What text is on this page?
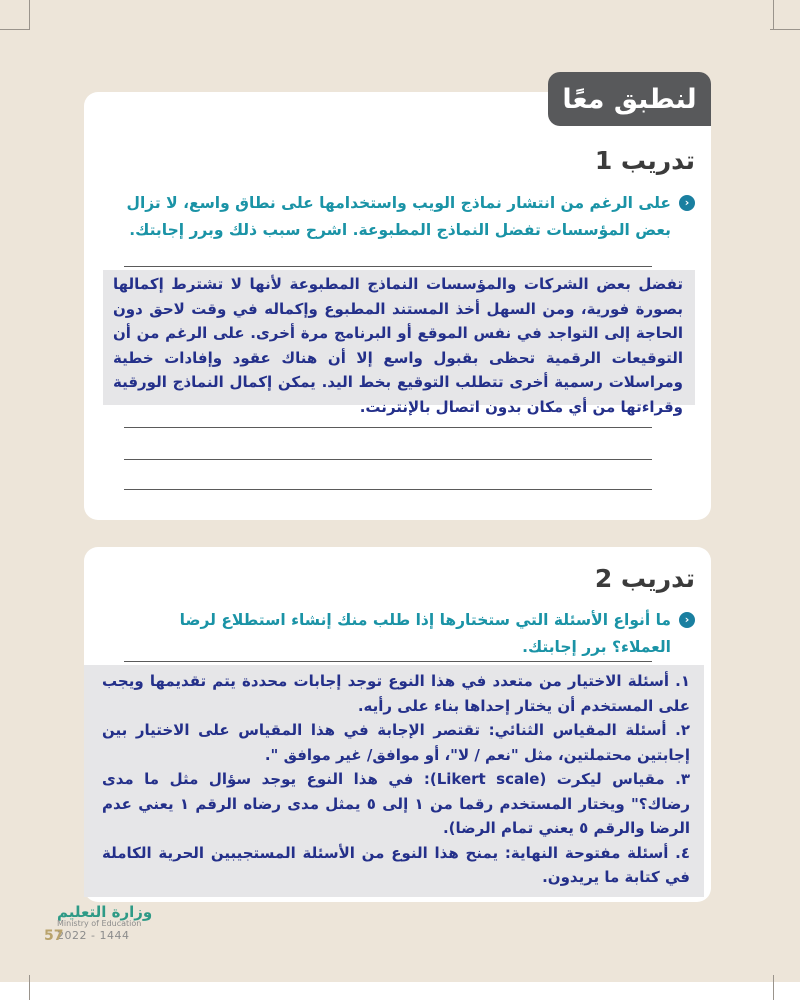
لنطبق معًا
تدريب 1
‹
على الرغم من انتشار نماذج الويب واستخدامها على نطاق واسع، لا تزال بعض المؤسسات تفضل النماذج المطبوعة. اشرح سبب ذلك وبرر إجابتك.

تفضل بعض الشركات والمؤسسات النماذج المطبوعة لأنها لا تشترط إكمالها بصورة فورية، ومن السهل أخذ المستند المطبوع وإكماله في وقت لاحق دون الحاجة إلى التواجد في نفس الموقع أو البرنامج مرة أخرى. على الرغم من أن التوقيعات الرقمية تحظى بقبول واسع إلا أن هناك عقود وإفادات خطية ومراسلات رسمية أخرى تتطلب التوقيع بخط اليد. يمكن إكمال النماذج الورقية وقراءتها من أي مكان بدون اتصال بالإنترنت.

تدريب 2
‹
ما أنواع الأسئلة التي ستختارها إذا طلب منك إنشاء استطلاع لرضا العملاء؟ برر إجابتك.

١. أسئلة الاختيار من متعدد في هذا النوع توجد إجابات محددة يتم تقديمها ويجب على المستخدم أن يختار إحداها بناء على رأيه.

٢. أسئلة المقياس الثنائي: تقتصر الإجابة في هذا المقياس على الاختيار بين إجابتين محتملتين، مثل "نعم / لا"، أو موافق/ غير موافق ".

٣. مقياس ليكرت (Likert scale): في هذا النوع يوجد سؤال مثل ما مدى رضاك؟" ويختار المستخدم رقما من ١ إلى ٥ يمثل مدى رضاه الرقم ١ يعني عدم الرضا والرقم ٥ يعني تمام الرضا).

٤. أسئلة مفتوحة النهاية: يمنح هذا النوع من الأسئلة المستجيبين الحرية الكاملة في كتابة ما يريدون.

وزارة التعليم
Ministry of Education
2022 - 1444
57
